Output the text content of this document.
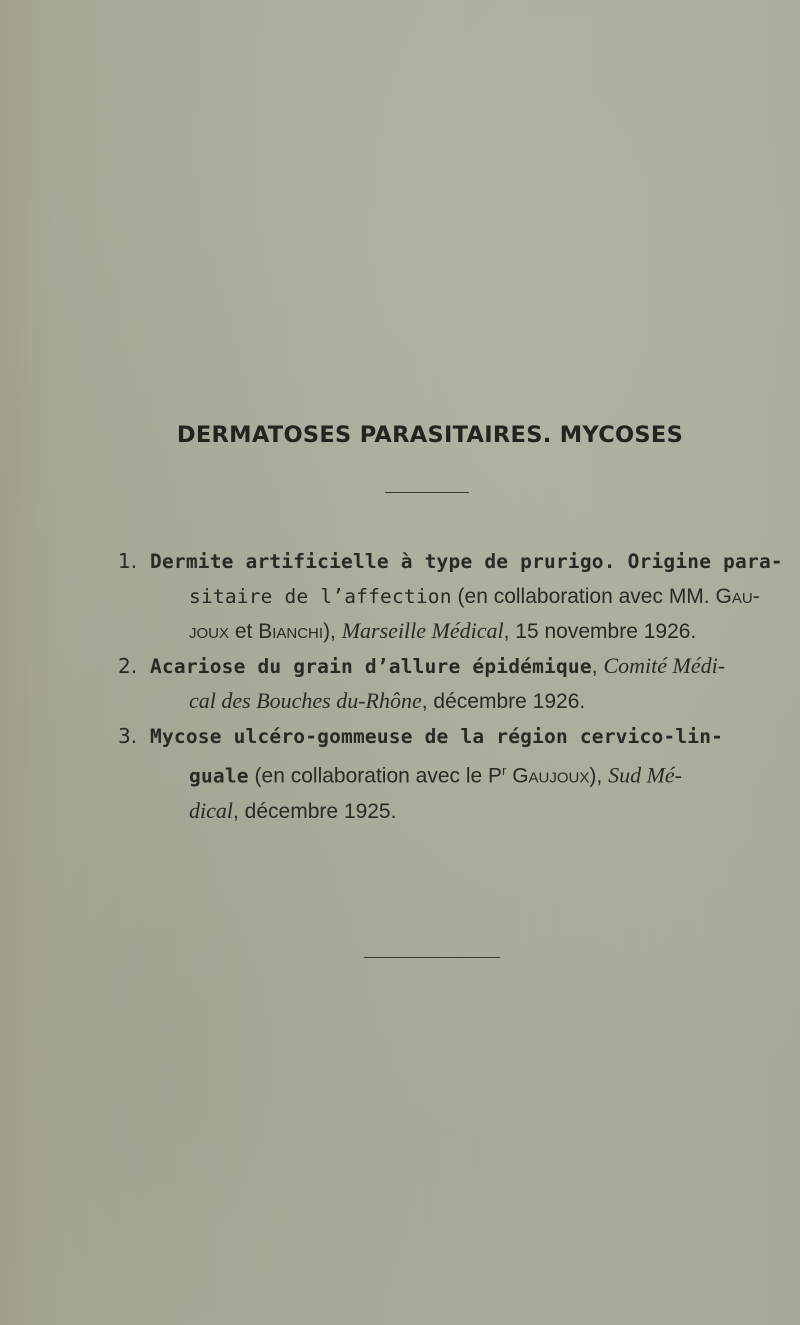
DERMATOSES PARASITAIRES. MYCOSES
1. Dermite artificielle à type de prurigo. Origine para-
sitaire de l’affection (en collaboration avec MM. Gau-
joux et Bianchi), Marseille Médical, 15 novembre 1926.
2. Acariose du grain d’allure épidémique, Comité Médi-
cal des Bouches du-Rhône, décembre 1926.
3. Mycose ulcéro-gommeuse de la région cervico-lin-
guale (en collaboration avec le $P^r$ Gaujoux), Sud Mé-
dical, décembre 1925.
